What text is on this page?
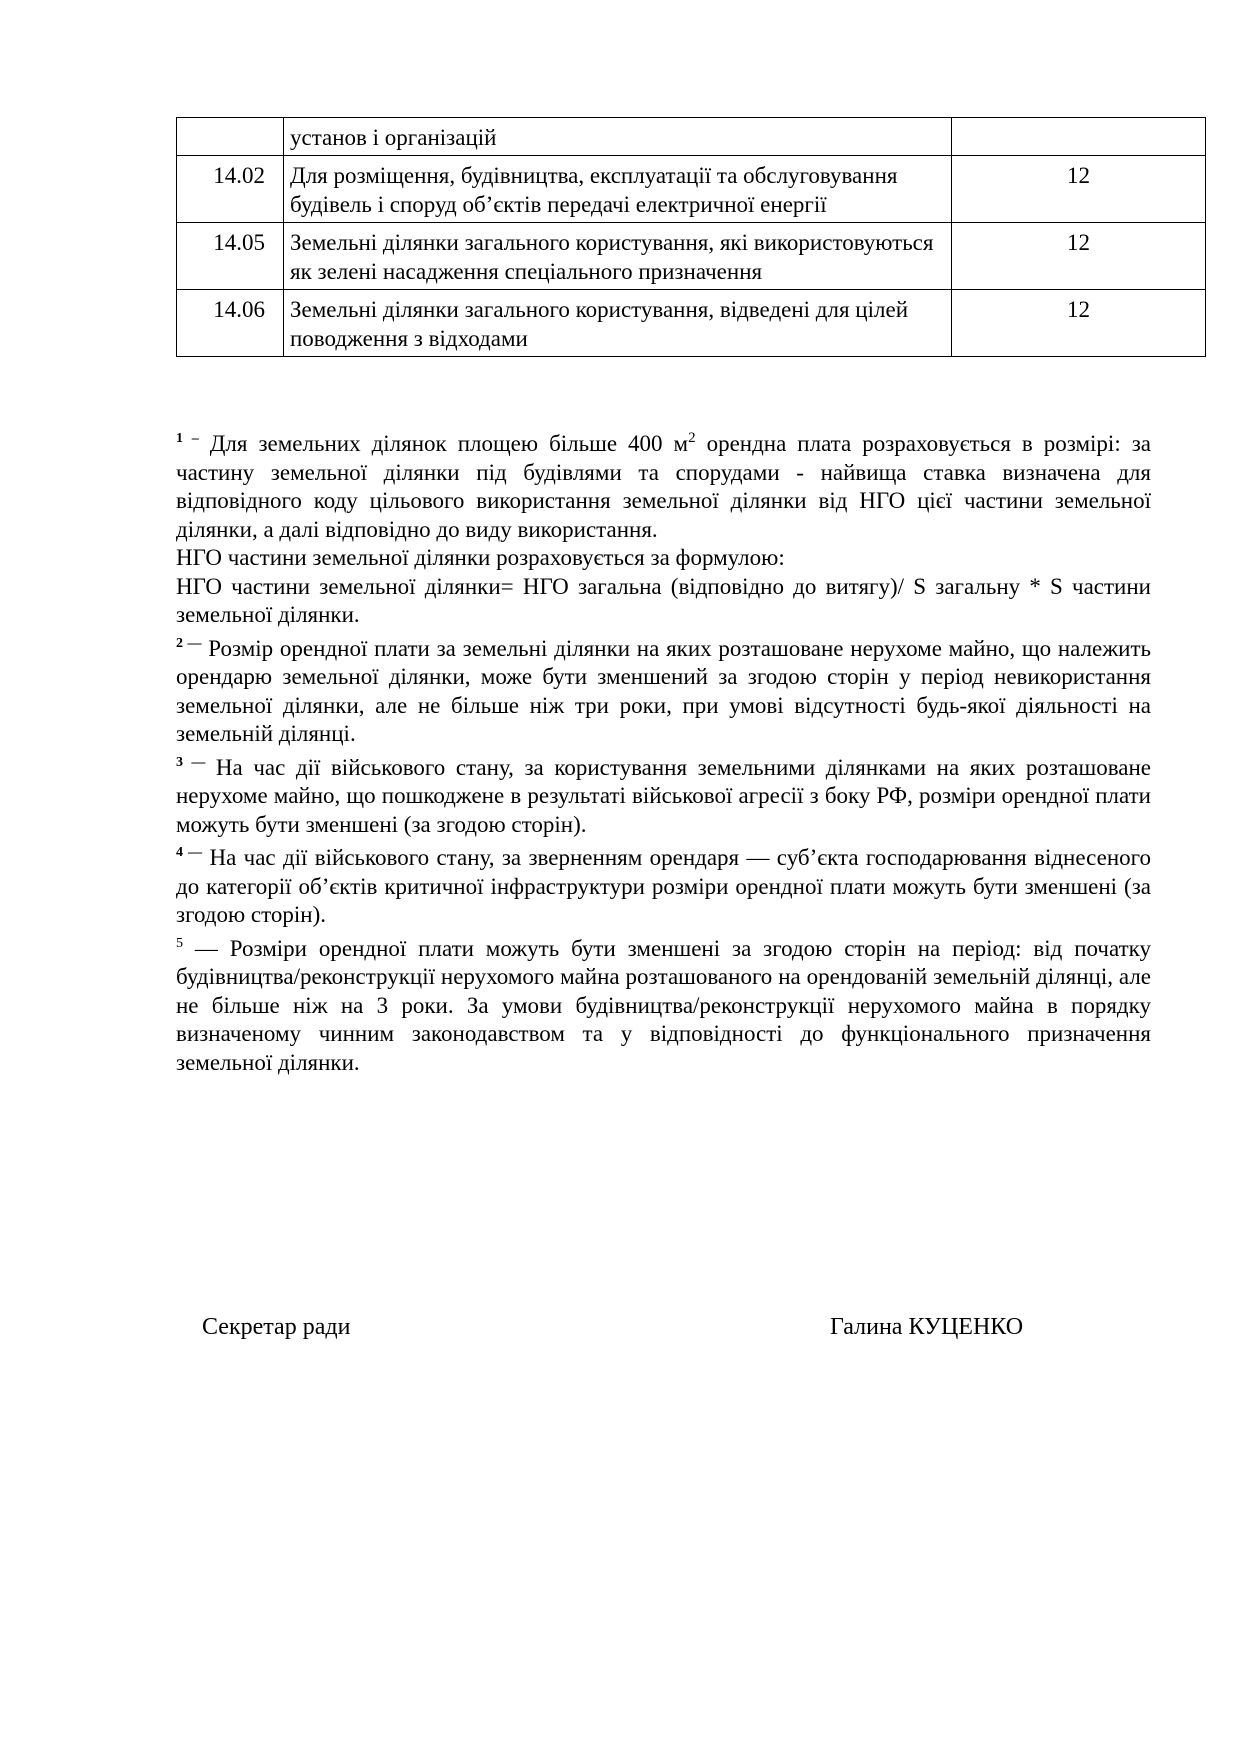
	установ і організацій	
14.02	Для розміщення, будівництва, експлуатації та обслуговування будівель і споруд об’єктів передачі електричної енергії	12
14.05	Земельні ділянки загального користування, які використовуються як зелені насадження спеціального призначення	12
14.06	Земельні ділянки загального користування, відведені для цілей поводження з відходами	12

$^{1 -}$ Для земельних ділянок площею більше 400 $м^2$ орендна плата розраховується в розмірі: за частину земельної ділянки під будівлями та спорудами - найвища ставка визначена для відповідного коду цільового використання земельної ділянки від НГО цієї частини земельної ділянки, а далі відповідно до виду використання.

НГО частини земельної ділянки розраховується за формулою:

НГО частини земельної ділянки= НГО загальна (відповідно до витягу)/ S загальну * S частини земельної ділянки.

$^{2 —}$ Розмір орендної плати за земельні ділянки на яких розташоване нерухоме майно, що належить орендарю земельної ділянки, може бути зменшений за згодою сторін у період невикористання земельної ділянки, але не більше ніж три роки, при умові відсутності будь-якої діяльності на земельній ділянці.

$^{3 —}$ На час дії військового стану, за користування земельними ділянками на яких розташоване нерухоме майно, що пошкоджене в результаті військової агресії з боку РФ, розміри орендної плати можуть бути зменшені (за згодою сторін).

$^{4 —}$ На час дії військового стану, за зверненням орендаря — суб’єкта господарювання віднесеного до категорії об’єктів критичної інфраструктури розміри орендної плати можуть бути зменшені (за згодою сторін).

$^5$ — Розміри орендної плати можуть бути зменшені за згодою сторін на період: від початку будівництва/реконструкції нерухомого майна розташованого на орендованій земельній ділянці, але не більше ніж на 3 роки. За умови будівництва/реконструкції нерухомого майна в порядку визначеному чинним законодавством та у відповідності до функціонального призначення земельної ділянки.

Секретар ради	Галина КУЦЕНКО
